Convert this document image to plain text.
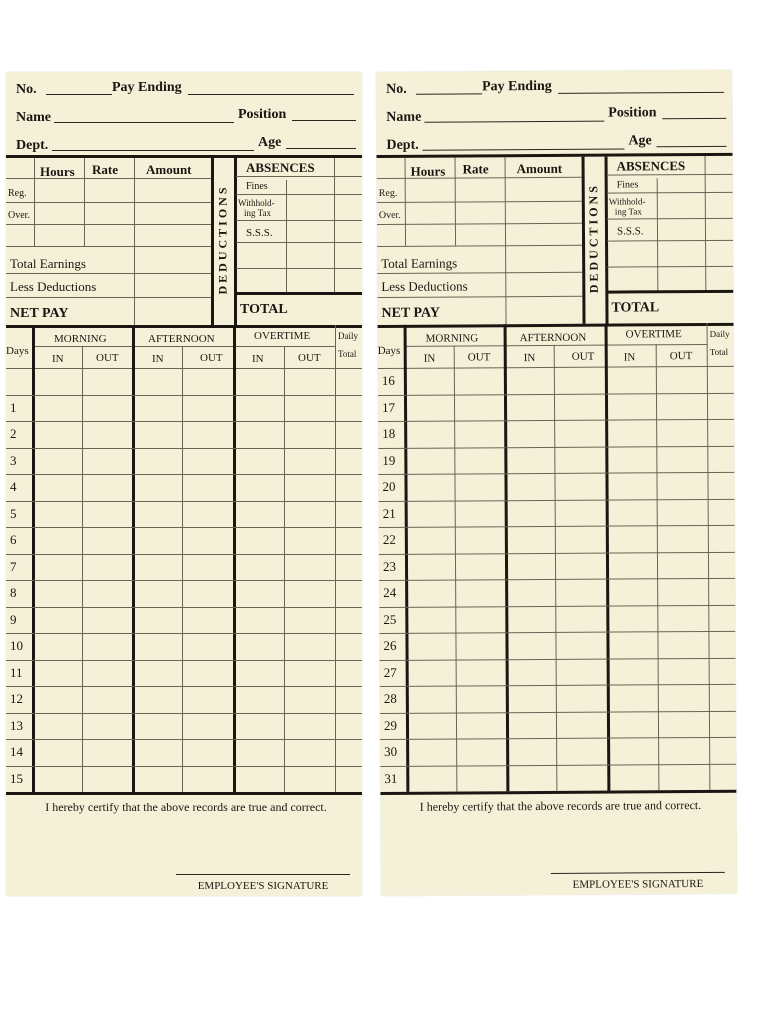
No.	Pay Ending
Name	Position
Dept.	Age
Hours Rate Amount
Reg.
Over.
Total Earnings
Less Deductions
NET PAY
DEDUCTIONS
ABSENCES
Fines
Withhold-
ing Tax
S.S.S.
TOTAL
Days
MORNING	AFTERNOON	OVERTIME	Daily
Total
IN	OUT	IN	OUT	IN	OUT
1
2
3
4
5
6
7
8
9
10
11
12
13
14
15
I hereby certify that the above records are true and correct.
EMPLOYEE'S SIGNATURE
No.	Pay Ending
Name	Position
Dept.	Age
Hours Rate Amount
Reg.
Over.
Total Earnings
Less Deductions
NET PAY
DEDUCTIONS
ABSENCES
Fines
Withhold-
ing Tax
S.S.S.
TOTAL
Days
MORNING	AFTERNOON	OVERTIME	Daily
Total
IN	OUT	IN	OUT	IN	OUT
16
17
18
19
20
21
22
23
24
25
26
27
28
29
30
31
I hereby certify that the above records are true and correct.
EMPLOYEE'S SIGNATURE
